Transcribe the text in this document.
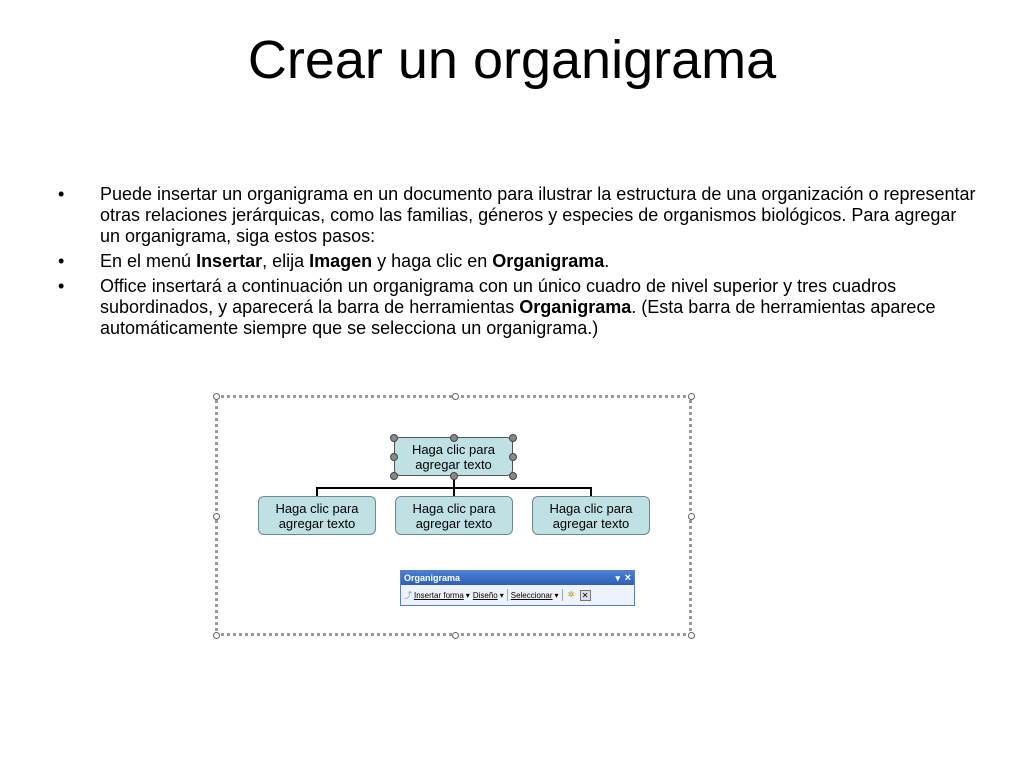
Crear un organigrama
• Puede insertar un organigrama en un documento para ilustrar la estructura de una organización o representar otras relaciones jerárquicas, como las familias, géneros y especies de organismos biológicos. Para agregar un organigrama, siga estos pasos:
• En el menú Insertar, elija Imagen y haga clic en Organigrama.
• Office insertará a continuación un organigrama con un único cuadro de nivel superior y tres cuadros subordinados, y aparecerá la barra de herramientas Organigrama. (Esta barra de herramientas aparece automáticamente siempre que se selecciona un organigrama.)
Haga clic para agregar texto
Haga clic para agregar texto
Haga clic para agregar texto
Haga clic para agregar texto
Organigrama	▾ ×
⤴ Insertar forma ▾ Diseño ▾ Seleccionar ▾ ✲ ✕
